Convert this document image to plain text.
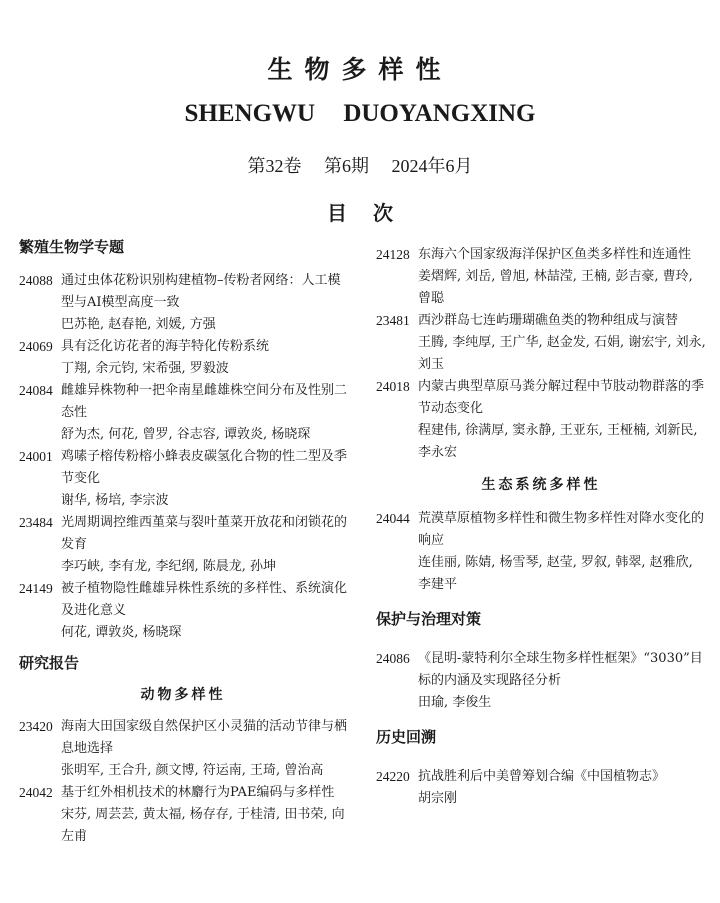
生物多样性
SHENGWU DUOYANGXING
第32卷 第6期 2024年6月
目次
繁殖生物学专题
24088 通过虫体花粉识别构建植物–传粉者网络：人工模型与AI模型高度一致
巴苏艳, 赵春艳, 刘媛, 方强
24069 具有泛化访花者的海芋特化传粉系统
丁翔, 余元钧, 宋希强, 罗毅波
24084 雌雄异株物种一把伞南星雌雄株空间分布及性别二态性
舒为杰, 何花, 曾罗, 谷志容, 谭敦炎, 杨晓琛
24001 鸡嗉子榕传粉榕小蜂表皮碳氢化合物的性二型及季节变化
谢华, 杨培, 李宗波
23484 光周期调控维西堇菜与裂叶堇菜开放花和闭锁花的发育
李巧峡, 李有龙, 李纪纲, 陈晨龙, 孙坤
24149 被子植物隐性雌雄异株性系统的多样性、系统演化及进化意义
何花, 谭敦炎, 杨晓琛
研究报告
动物多样性
23420 海南大田国家级自然保护区小灵猫的活动节律与栖息地选择
张明军, 王合升, 颜文博, 符运南, 王琦, 曾治高
24042 基于红外相机技术的林麝行为PAE编码与多样性
宋芬, 周芸芸, 黄太福, 杨存存, 于桂清, 田书荣, 向左甫
24128 东海六个国家级海洋保护区鱼类多样性和连通性
姜熠辉, 刘岳, 曾旭, 林喆滢, 王楠, 彭吉豪, 曹玲, 曾聪
23481 西沙群岛七连屿珊瑚礁鱼类的物种组成与演替
王腾, 李纯厚, 王广华, 赵金发, 石娟, 谢宏宇, 刘永, 刘玉
24018 内蒙古典型草原马粪分解过程中节肢动物群落的季节动态变化
程建伟, 徐满厚, 窦永静, 王亚东, 王桠楠, 刘新民, 李永宏
生态系统多样性
24044 荒漠草原植物多样性和微生物多样性对降水变化的响应
连佳丽, 陈婧, 杨雪琴, 赵莹, 罗叙, 韩翠, 赵雅欣, 李建平
保护与治理对策
24086 《昆明-蒙特利尔全球生物多样性框架》“3030”目标的内涵及实现路径分析
田瑜, 李俊生
历史回溯
24220 抗战胜利后中美曾筹划合编《中国植物志》
胡宗刚
